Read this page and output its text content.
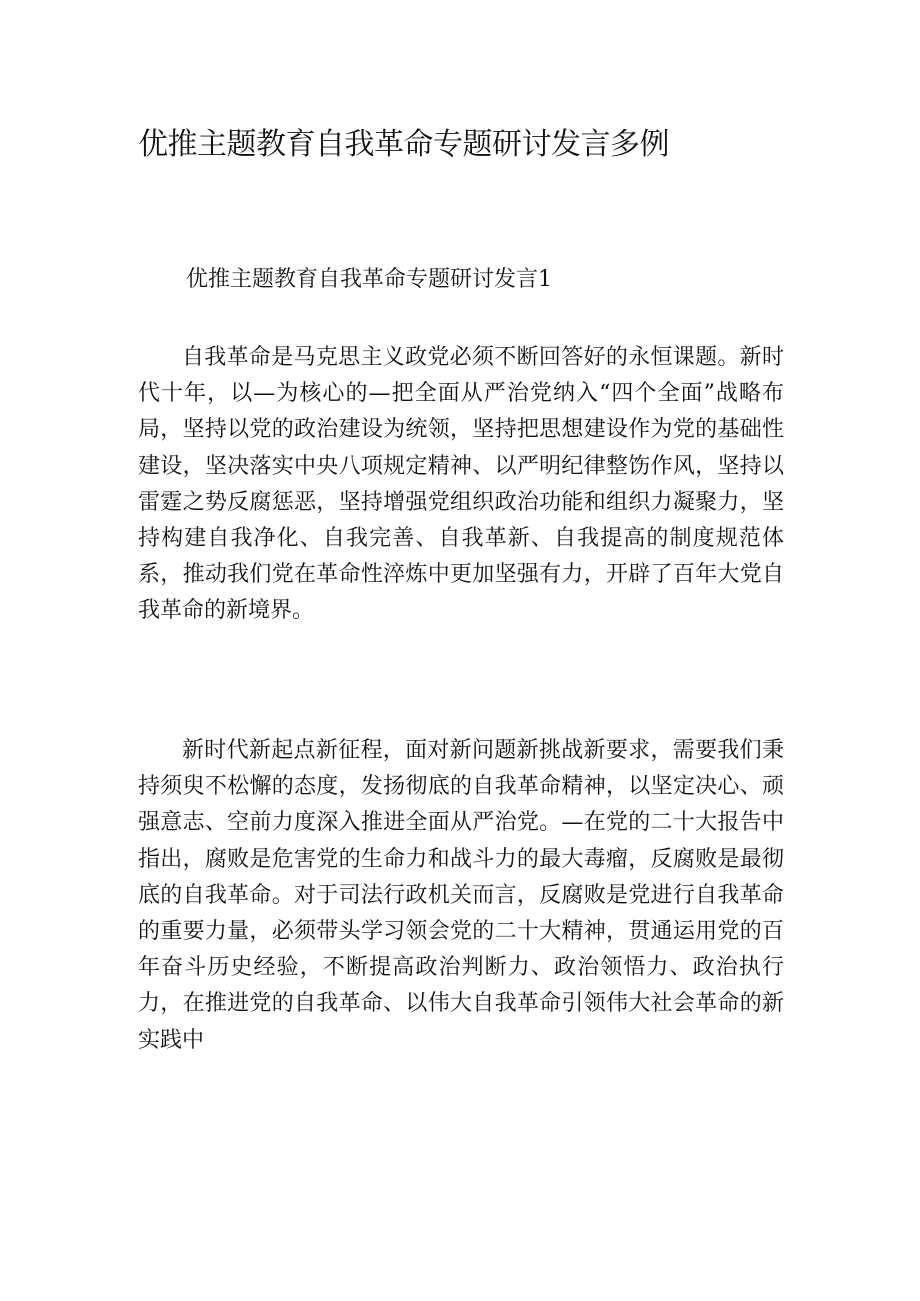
优推主题教育自我革命专题研讨发言多例

优推主题教育自我革命专题研讨发言1

自我革命是马克思主义政党必须不断回答好的永恒课题。新时代十年，以—为核心的—把全面从严治党纳入“四个全面”战略布局，坚持以党的政治建设为统领，坚持把思想建设作为党的基础性建设，坚决落实中央八项规定精神、以严明纪律整饬作风，坚持以雷霆之势反腐惩恶，坚持增强党组织政治功能和组织力凝聚力，坚持构建自我净化、自我完善、自我革新、自我提高的制度规范体系，推动我们党在革命性淬炼中更加坚强有力，开辟了百年大党自我革命的新境界。

新时代新起点新征程，面对新问题新挑战新要求，需要我们秉持须臾不松懈的态度，发扬彻底的自我革命精神，以坚定决心、顽强意志、空前力度深入推进全面从严治党。—在党的二十大报告中指出，腐败是危害党的生命力和战斗力的最大毒瘤，反腐败是最彻底的自我革命。对于司法行政机关而言，反腐败是党进行自我革命的重要力量，必须带头学习领会党的二十大精神，贯通运用党的百年奋斗历史经验，不断提高政治判断力、政治领悟力、政治执行力，在推进党的自我革命、以伟大自我革命引领伟大社会革命的新实践中
